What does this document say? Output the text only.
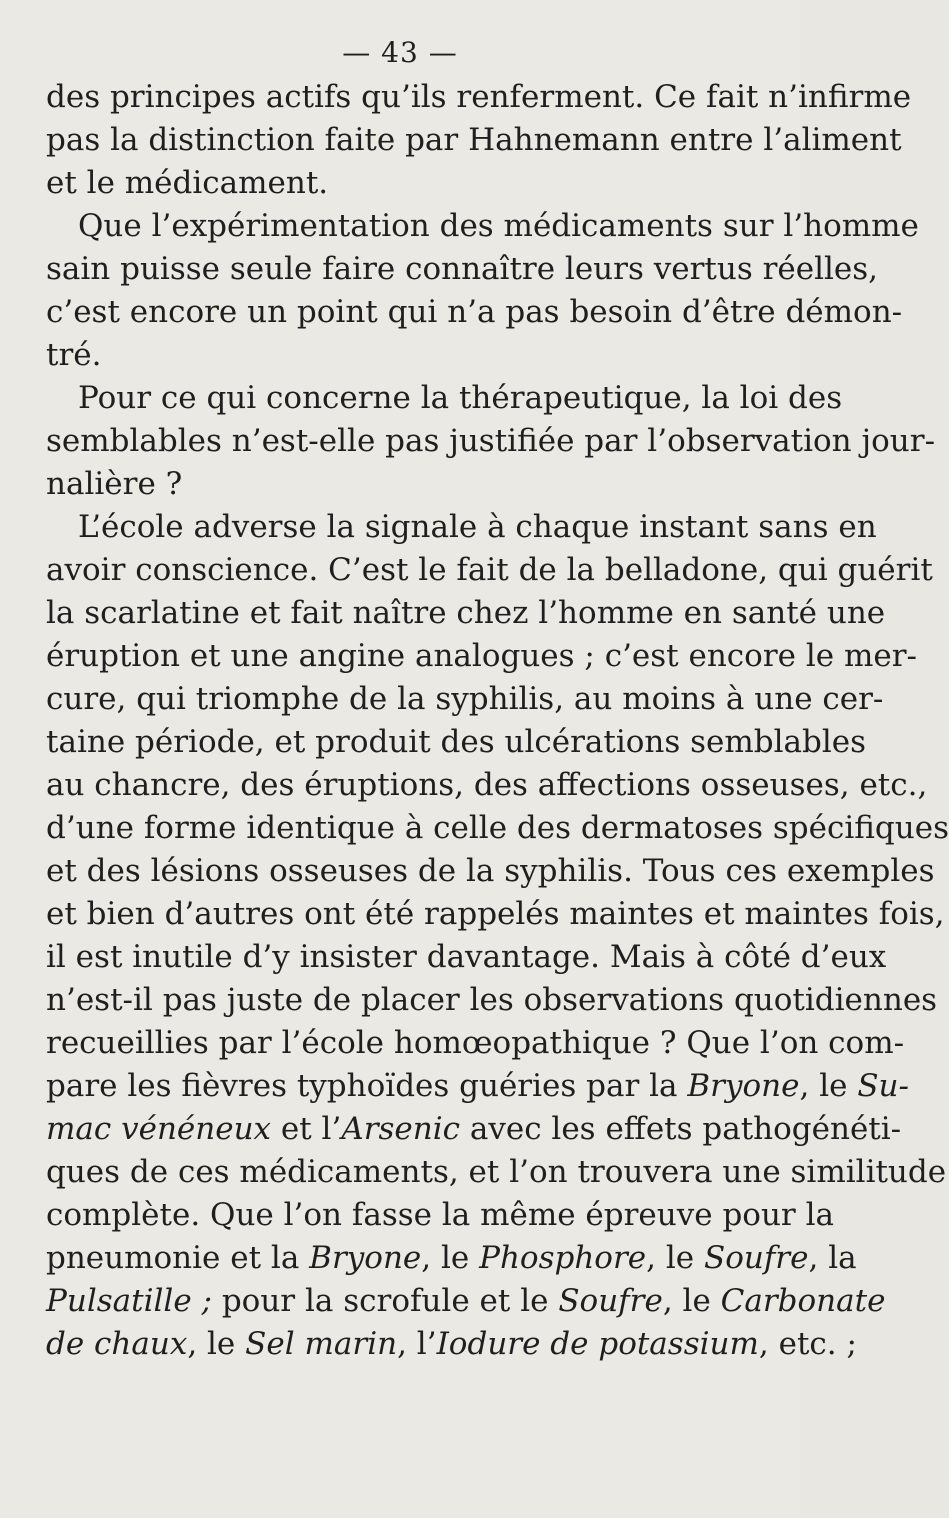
— 43 —
des principes actifs qu’ils renferment. Ce fait n’infirme
pas la distinction faite par Hahnemann entre l’aliment
et le médicament.
Que l’expérimentation des médicaments sur l’homme
sain puisse seule faire connaître leurs vertus réelles,
c’est encore un point qui n’a pas besoin d’être démon-
tré.
Pour ce qui concerne la thérapeutique, la loi des
semblables n’est-elle pas justifiée par l’observation jour-
nalière ?
L’école adverse la signale à chaque instant sans en
avoir conscience. C’est le fait de la belladone, qui guérit
la scarlatine et fait naître chez l’homme en santé une
éruption et une angine analogues ; c’est encore le mer-
cure, qui triomphe de la syphilis, au moins à une cer-
taine période, et produit des ulcérations semblables
au chancre, des éruptions, des affections osseuses, etc.,
d’une forme identique à celle des dermatoses spécifiques
et des lésions osseuses de la syphilis. Tous ces exemples
et bien d’autres ont été rappelés maintes et maintes fois,
il est inutile d’y insister davantage. Mais à côté d’eux
n’est-il pas juste de placer les observations quotidiennes
recueillies par l’école homœopathique ? Que l’on com-
pare les fièvres typhoïdes guéries par la Bryone, le Su-
mac vénéneux et l’Arsenic avec les effets pathogénéti-
ques de ces médicaments, et l’on trouvera une similitude
complète. Que l’on fasse la même épreuve pour la
pneumonie et la Bryone, le Phosphore, le Soufre, la
Pulsatille ; pour la scrofule et le Soufre, le Carbonate
de chaux, le Sel marin, l’Iodure de potassium, etc. ;
